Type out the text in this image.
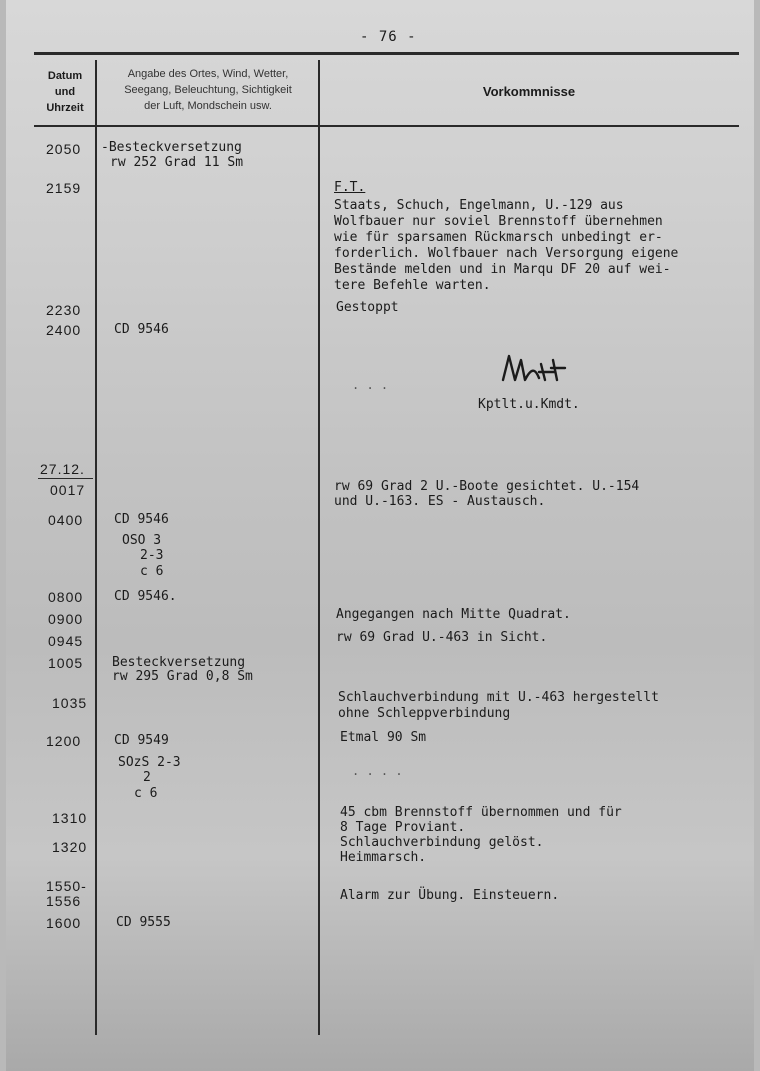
- 76 -
Datum
und
Uhrzeit
Angabe des Ortes, Wind, Wetter,
Seegang, Beleuchtung, Sichtigkeit
der Luft, Mondschein usw.
Vorkommnisse
2050
2159
2230
2400
27.12.
0017
0400
0800
0900
0945
1005
1035
1200
1310
1320
1550-
1556
1600
-Besteckversetzung
rw 252 Grad 11 Sm
CD 9546
CD 9546
OSO 3
2-3
c 6
CD 9546.
Besteckversetzung
rw 295 Grad 0,8 Sm
CD 9549
SOzS 2-3
2
c 6
CD 9555
F.T.
Staats, Schuch, Engelmann, U.-129 aus
Wolfbauer nur soviel Brennstoff übernehmen
wie für sparsamen Rückmarsch unbedingt er-
forderlich. Wolfbauer nach Versorgung eigene
Bestände melden und in Marqu DF 20 auf wei-
tere Befehle warten.
Gestoppt
. . .
Kptlt.u.Kmdt.
rw 69 Grad 2 U.-Boote gesichtet. U.-154
und U.-163. ES - Austausch.
Angegangen nach Mitte Quadrat.
rw 69 Grad U.-463 in Sicht.
Schlauchverbindung mit U.-463 hergestellt
ohne Schleppverbindung
Etmal 90 Sm
. . . .
45 cbm Brennstoff übernommen und für
8 Tage Proviant.
Schlauchverbindung gelöst.
Heimmarsch.
Alarm zur Übung. Einsteuern.
